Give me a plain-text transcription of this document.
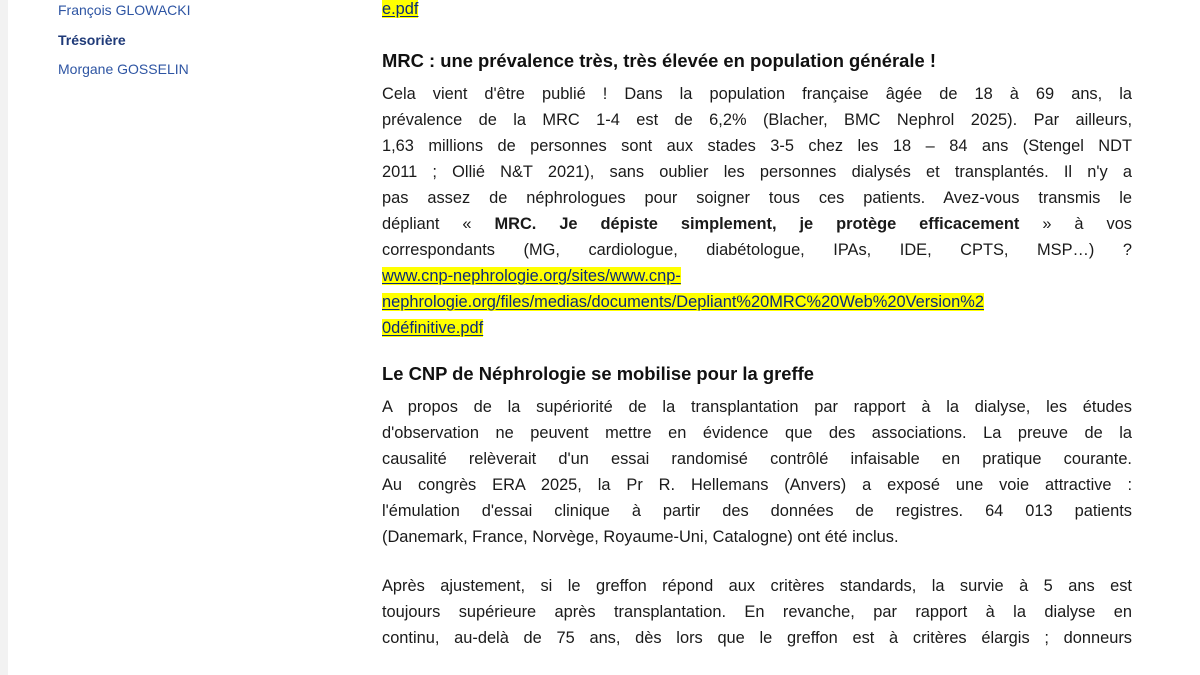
François GLOWACKI
Trésorière
Morgane GOSSELIN
e.pdf
MRC : une prévalence très, très élevée en population générale !
Cela vient d'être publié ! Dans la population française âgée de 18 à 69 ans, la
prévalence de la MRC 1-4 est de 6,2% (Blacher, BMC Nephrol 2025). Par ailleurs,
1,63 millions de personnes sont aux stades 3-5 chez les 18 – 84 ans (Stengel NDT
2011 ; Ollié N&T 2021), sans oublier les personnes dialysés et transplantés. Il n'y a
pas assez de néphrologues pour soigner tous ces patients. Avez-vous transmis le
dépliant « MRC. Je dépiste simplement, je protège efficacement » à vos
correspondants (MG, cardiologue, diabétologue, IPAs, IDE, CPTS, MSP…) ?
www.cnp-nephrologie.org/sites/www.cnp-
nephrologie.org/files/medias/documents/Depliant%20MRC%20Web%20Version%2
0définitive.pdf
Le CNP de Néphrologie se mobilise pour la greffe
A propos de la supériorité de la transplantation par rapport à la dialyse, les études
d'observation ne peuvent mettre en évidence que des associations. La preuve de la
causalité relèverait d'un essai randomisé contrôlé infaisable en pratique courante.
Au congrès ERA 2025, la Pr R. Hellemans (Anvers) a exposé une voie attractive :
l'émulation d'essai clinique à partir des données de registres. 64 013 patients
(Danemark, France, Norvège, Royaume-Uni, Catalogne) ont été inclus.
Après ajustement, si le greffon répond aux critères standards, la survie à 5 ans est
toujours supérieure après transplantation. En revanche, par rapport à la dialyse en
continu, au-delà de 75 ans, dès lors que le greffon est à critères élargis ; donneurs
